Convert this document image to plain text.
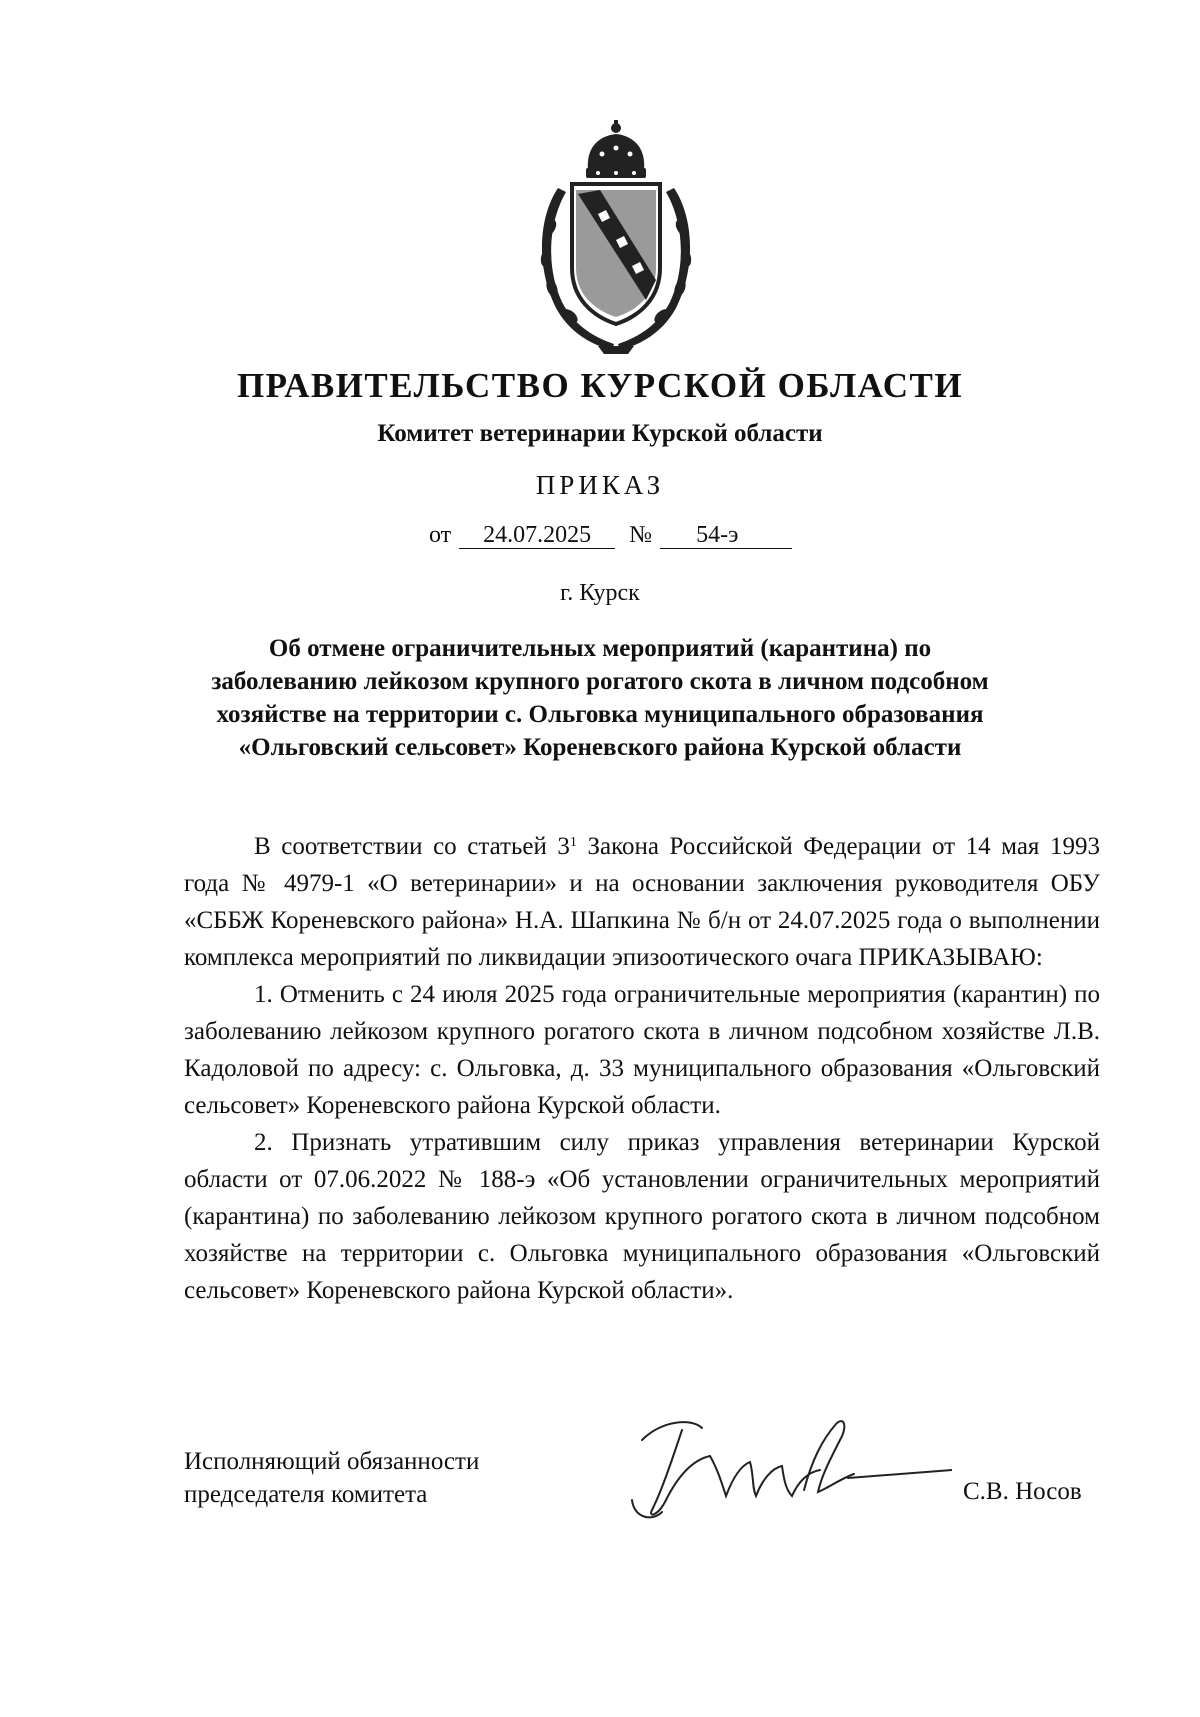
ПРАВИТЕЛЬСТВО КУРСКОЙ ОБЛАСТИ
Комитет ветеринарии Курской области
ПРИКАЗ
от 24.07.2025 № 54-э
г. Курск
Об отмене ограничительных мероприятий (карантина) по
заболеванию лейкозом крупного рогатого скота в личном подсобном
хозяйстве на территории с. Ольговка муниципального образования
«Ольговский сельсовет» Кореневского района Курской области

В соответствии со статьей $3^1$ Закона Российской Федерации от 14 мая 1993 года № 4979-1 «О ветеринарии» и на основании заключения руководителя ОБУ «СББЖ Кореневского района» Н.А. Шапкина № б/н от 24.07.2025 года о выполнении комплекса мероприятий по ликвидации эпизоотического очага ПРИКАЗЫВАЮ:

1. Отменить с 24 июля 2025 года ограничительные мероприятия (карантин) по заболеванию лейкозом крупного рогатого скота в личном подсобном хозяйстве Л.В. Кадоловой по адресу: с. Ольговка, д. 33 муниципального образования «Ольговский сельсовет» Кореневского района Курской области.

2. Признать утратившим силу приказ управления ветеринарии Курской области от 07.06.2022 № 188-э «Об установлении ограничительных мероприятий (карантина) по заболеванию лейкозом крупного рогатого скота в личном подсобном хозяйстве на территории с. Ольговка муниципального образования «Ольговский сельсовет» Кореневского района Курской области».

Исполняющий обязанности
председателя комитета	С.В. Носов
